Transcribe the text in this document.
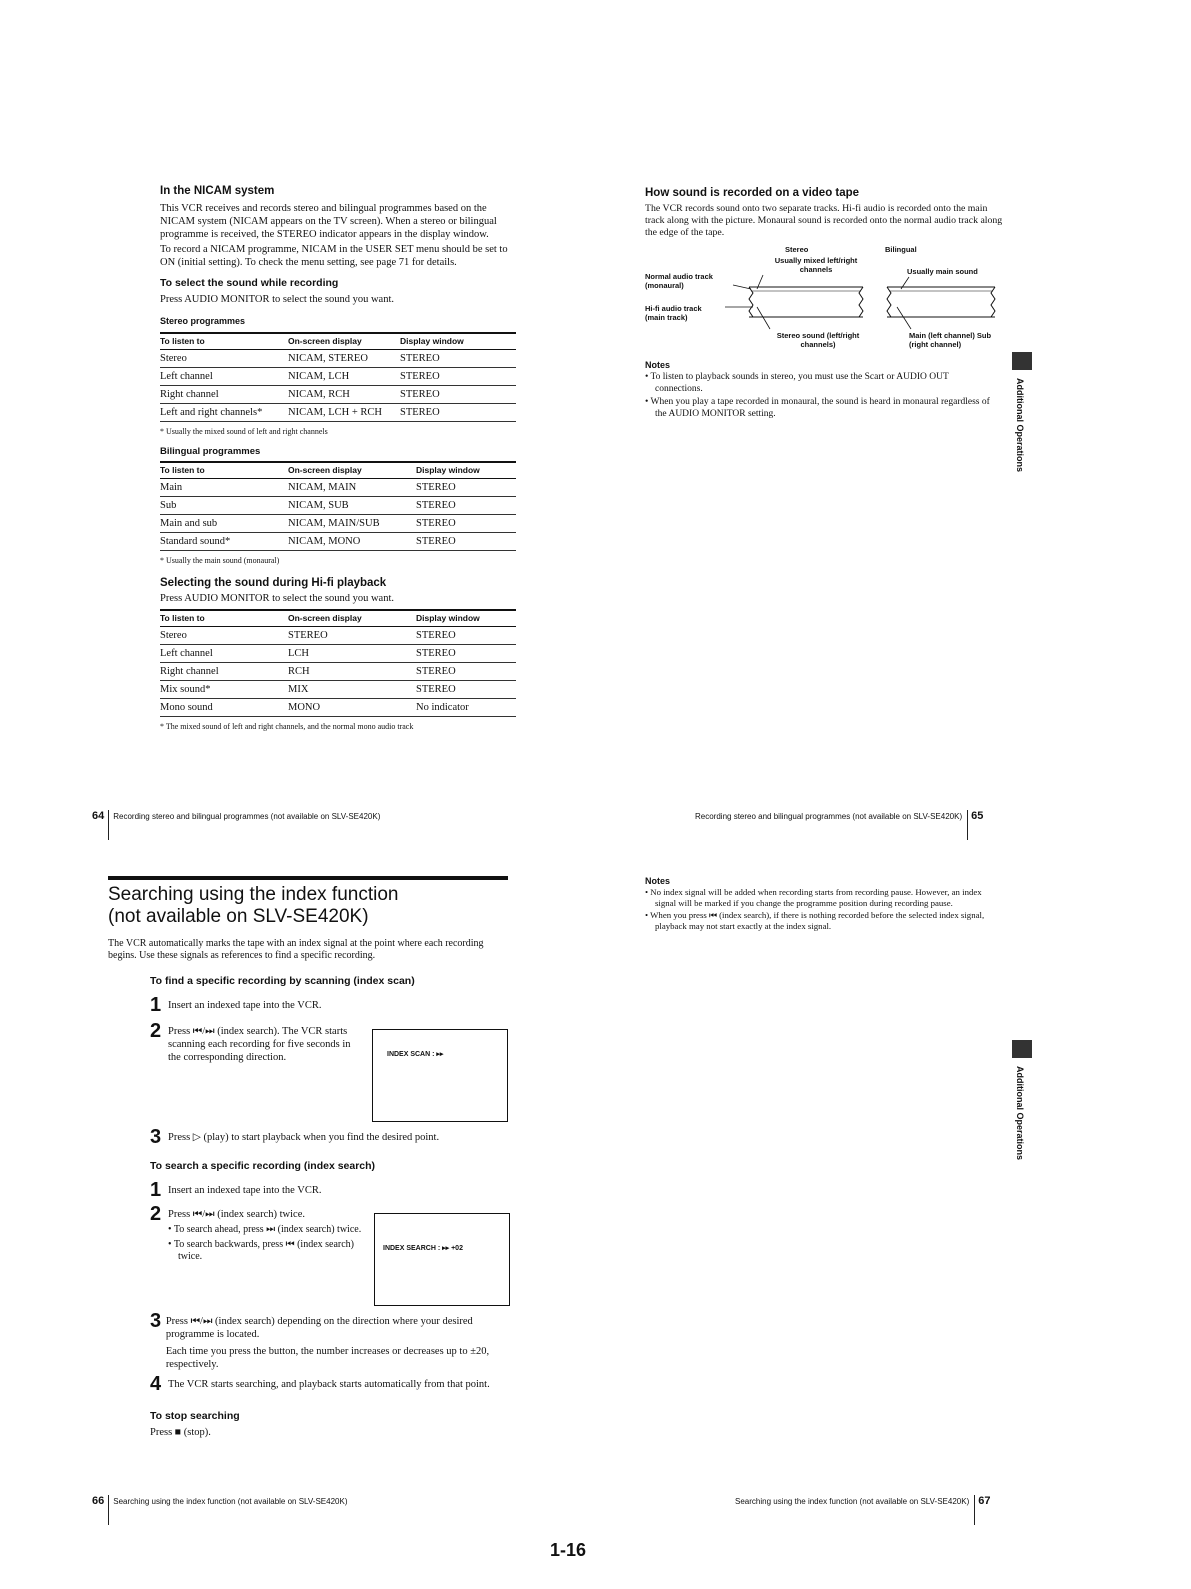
In the NICAM system

This VCR receives and records stereo and bilingual programmes based on the NICAM system (NICAM appears on the TV screen). When a stereo or bilingual programme is received, the STEREO indicator appears in the display window.

To record a NICAM programme, NICAM in the USER SET menu should be set to ON (initial setting). To check the menu setting, see page 71 for details.

To select the sound while recording

Press AUDIO MONITOR to select the sound you want.

Stereo programmes
To listen to	On-screen display	Display window
Stereo	NICAM, STEREO	STEREO
Left channel	NICAM, LCH	STEREO
Right channel	NICAM, RCH	STEREO
Left and right channels*	NICAM, LCH + RCH	STEREO

* Usually the mixed sound of left and right channels

Bilingual programmes
To listen to	On-screen display	Display window
Main	NICAM, MAIN	STEREO
Sub	NICAM, SUB	STEREO
Main and sub	NICAM, MAIN/SUB	STEREO
Standard sound*	NICAM, MONO	STEREO

* Usually the main sound (monaural)

Selecting the sound during Hi-fi playback

Press AUDIO MONITOR to select the sound you want.

To listen to	On-screen display	Display window
Stereo	STEREO	STEREO
Left channel	LCH	STEREO
Right channel	RCH	STEREO
Mix sound*	MIX	STEREO
Mono sound	MONO	No indicator

* The mixed sound of left and right channels, and the normal mono audio track

64 Recording stereo and bilingual programmes (not available on SLV-SE420K)
How sound is recorded on a video tape

The VCR records sound onto two separate tracks. Hi-fi audio is recorded onto the main track along with the picture. Monaural sound is recorded onto the normal audio track along the edge of the tape.

Stereo	Bilingual
Usually mixed left/right channels	Usually main sound
Normal audio track (monaural)
Hi-fi audio track (main track)
Stereo sound (left/right channels)
Main (left channel) Sub (right channel)
Notes

• To listen to playback sounds in stereo, you must use the Scart or AUDIO OUT connections.

• When you play a tape recorded in monaural, the sound is heard in monaural regardless of the AUDIO MONITOR setting.	Additional Operations
Recording stereo and bilingual programmes (not available on SLV-SE420K) 65
Searching using the index function
(not available on SLV-SE420K)

The VCR automatically marks the tape with an index signal at the point where each recording begins. Use these signals as references to find a specific recording.

To find a specific recording by scanning (index scan)
1 Insert an indexed tape into the VCR.
2 Press ⏮/⏭ (index search). The VCR starts scanning each recording for five seconds in the corresponding direction.	INDEX SCAN : ▸▸
3 Press ▷ (play) to start playback when you find the desired point.
To search a specific recording (index search)
1 Insert an indexed tape into the VCR.
2 Press ⏮/⏭ (index search) twice.

• To search ahead, press ⏭ (index search) twice.

• To search backwards, press ⏮ (index search) twice.

INDEX SEARCH : ▸▸ +02
3 Press ⏮/⏭ (index search) depending on the direction where your desired programme is located.
Each time you press the button, the number increases or decreases up to ±20, respectively.
4 The VCR starts searching, and playback starts automatically from that point.
To stop searching

Press ■ (stop).

66 Searching using the index function (not available on SLV-SE420K)
Notes

• No index signal will be added when recording starts from recording pause. However, an index signal will be marked if you change the programme position during recording pause.

• When you press ⏮ (index search), if there is nothing recorded before the selected index signal, playback may not start exactly at the index signal.

Additional Operations
Searching using the index function (not available on SLV-SE420K) 67
1-16
